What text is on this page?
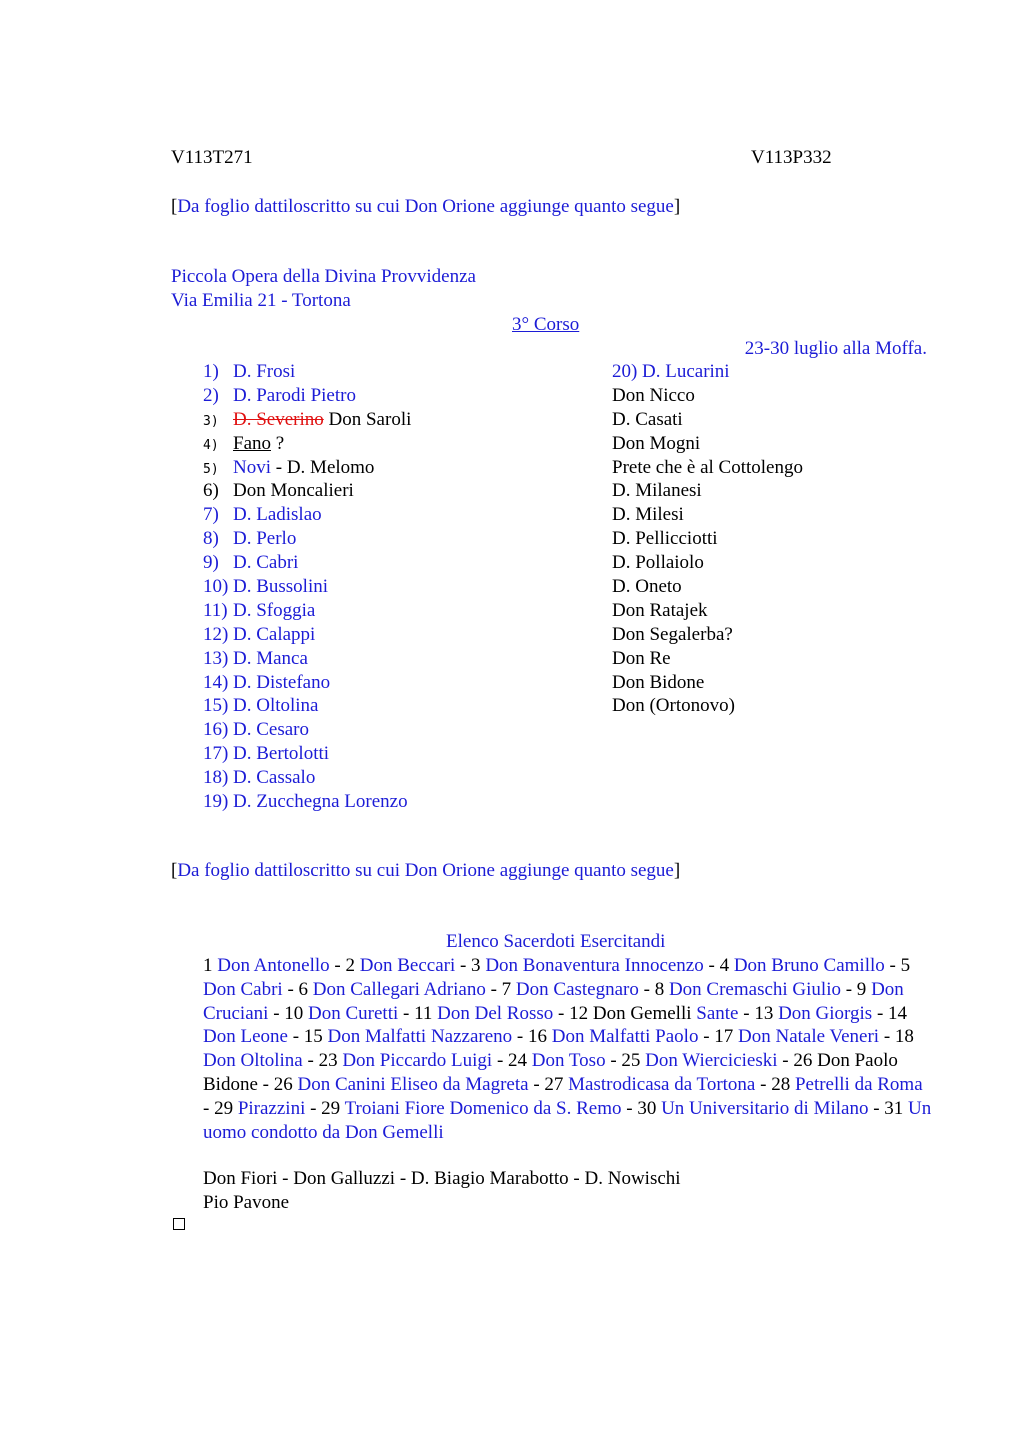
V113T271	V113P332
[Da foglio dattiloscritto su cui Don Orione aggiunge quanto segue]
Piccola Opera della Divina Provvidenza
Via Emilia 21 - Tortona
3° Corso
23-30 luglio alla Moffa.
1) D. Frosi
2) D. Parodi Pietro
3) D. Severino Don Saroli
4) Fano ?
5) Novi - D. Melomo
6) Don Moncalieri
7) D. Ladislao
8) D. Perlo
9) D. Cabri
10) D. Bussolini
11) D. Sfoggia
12) D. Calappi
13) D. Manca
14) D. Distefano
15) D. Oltolina
16) D. Cesaro
17) D. Bertolotti
18) D. Cassalo
19) D. Zucchegna Lorenzo
20) D. Lucarini
Don Nicco
D. Casati
Don Mogni
Prete che è al Cottolengo
D. Milanesi
D. Milesi
D. Pellicciotti
D. Pollaiolo
D. Oneto
Don Ratajek
Don Segalerba?
Don Re
Don Bidone
Don (Ortonovo)
[Da foglio dattiloscritto su cui Don Orione aggiunge quanto segue]
Elenco Sacerdoti Esercitandi
1 Don Antonello - 2 Don Beccari - 3 Don Bonaventura Innocenzo - 4 Don Bruno Camillo - 5 Don Cabri - 6 Don Callegari Adriano - 7 Don Castegnaro - 8 Don Cremaschi Giulio - 9 Don Cruciani - 10 Don Curetti - 11 Don Del Rosso - 12 Don Gemelli Sante - 13 Don Giorgis - 14 Don Leone - 15 Don Malfatti Nazzareno - 16 Don Malfatti Paolo - 17 Don Natale Veneri - 18 Don Oltolina - 23 Don Piccardo Luigi - 24 Don Toso - 25 Don Wiercicieski - 26 Don Paolo Bidone - 26 Don Canini Eliseo da Magreta - 27 Mastrodicasa da Tortona - 28 Petrelli da Roma - 29 Pirazzini - 29 Troiani Fiore Domenico da S. Remo - 30 Un Universitario di Milano - 31 Un uomo condotto da Don Gemelli
Don Fiori - Don Galluzzi - D. Biagio Marabotto - D. Nowischi
Pio Pavone
